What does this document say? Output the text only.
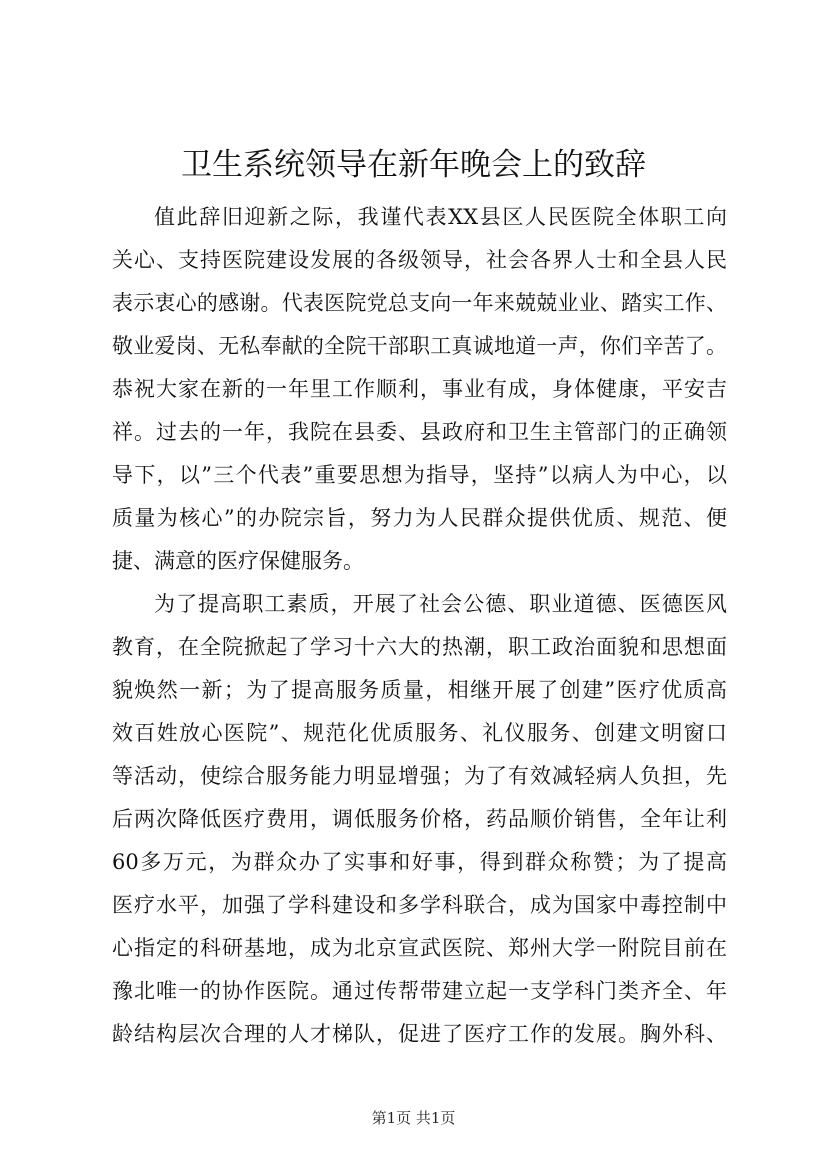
卫生系统领导在新年晚会上的致辞
值此辞旧迎新之际，我谨代表XX县区人民医院全体职工向
关心、支持医院建设发展的各级领导，社会各界人士和全县人民
表示衷心的感谢。代表医院党总支向一年来兢兢业业、踏实工作、
敬业爱岗、无私奉献的全院干部职工真诚地道一声，你们辛苦了。
恭祝大家在新的一年里工作顺利，事业有成，身体健康，平安吉
祥。过去的一年，我院在县委、县政府和卫生主管部门的正确领
导下，以”三个代表”重要思想为指导，坚持”以病人为中心，以
质量为核心”的办院宗旨，努力为人民群众提供优质、规范、便
捷、满意的医疗保健服务。
为了提高职工素质，开展了社会公德、职业道德、医德医风
教育，在全院掀起了学习十六大的热潮，职工政治面貌和思想面
貌焕然一新；为了提高服务质量，相继开展了创建”医疗优质高
效百姓放心医院”、规范化优质服务、礼仪服务、创建文明窗口
等活动，使综合服务能力明显增强；为了有效减轻病人负担，先
后两次降低医疗费用，调低服务价格，药品顺价销售，全年让利
60多万元，为群众办了实事和好事，得到群众称赞；为了提高
医疗水平，加强了学科建设和多学科联合，成为国家中毒控制中
心指定的科研基地，成为北京宣武医院、郑州大学一附院目前在
豫北唯一的协作医院。通过传帮带建立起一支学科门类齐全、年
龄结构层次合理的人才梯队，促进了医疗工作的发展。胸外科、
第1页 共1页
